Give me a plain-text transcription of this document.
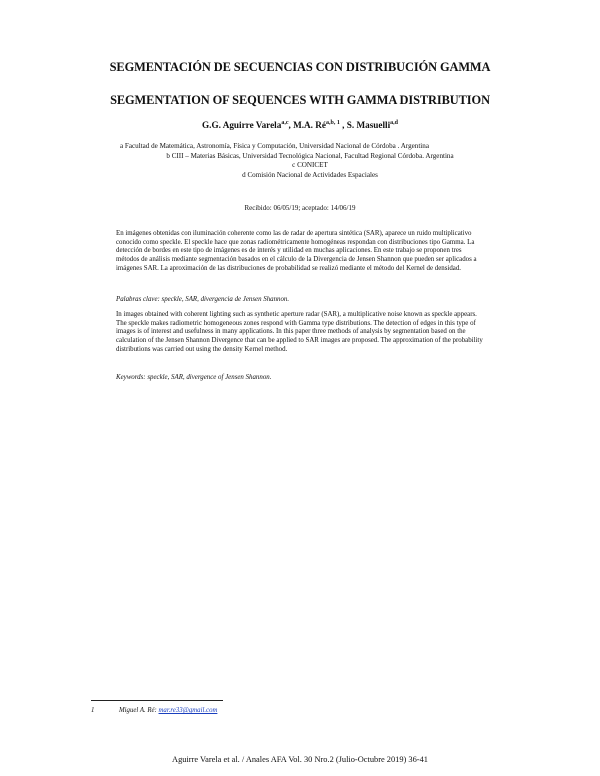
SEGMENTACIÓN DE SECUENCIAS CON DISTRIBUCIÓN GAMMA
SEGMENTATION OF SEQUENCES WITH GAMMA DISTRIBUTION
G.G. Aguirre Varela$^{a,c}$, M.A. Ré$^{a,b, 1}$ , S. Masuelli$^{a,d}$
a Facultad de Matemática, Astronomía, Física y Computación, Universidad Nacional de Córdoba . Argentina
b CIII – Materias Básicas, Universidad Tecnológica Nacional, Facultad Regional Córdoba. Argentina
c CONICET
d Comisión Nacional de Actividades Espaciales
Recibido: 06/05/19; aceptado: 14/06/19

En imágenes obtenidas con iluminación coherente como las de radar de apertura sintética (SAR), aparece un ruido multiplicativo conocido como speckle. El speckle hace que zonas radiométricamente homogéneas respondan con distribuciones tipo Gamma. La detección de bordes en este tipo de imágenes es de interés y utilidad en muchas aplicaciones. En este trabajo se proponen tres métodos de análisis mediante segmentación basados en el cálculo de la Divergencia de Jensen Shannon que pueden ser aplicados a imágenes SAR. La aproximación de las distribuciones de probabilidad se realizó mediante el método del Kernel de densidad.

Palabras clave: speckle, SAR, divergencia de Jensen Shannon.

In images obtained with coherent lighting such as synthetic aperture radar (SAR), a multiplicative noise known as speckle appears. The speckle makes radiometric homogeneous zones respond with Gamma type distributions. The detection of edges in this type of images is of interest and usefulness in many applications. In this paper three methods of analysis by segmentation based on the calculation of the Jensen Shannon Divergence that can be applied to SAR images are proposed. The approximation of the probability distributions was carried out using the density Kernel method.

Keywords: speckle, SAR, divergence of Jensen Shannon.

1	Miguel A. Ré: mar.re33@gmail.com
Aguirre Varela et al. / Anales AFA Vol. 30 Nro.2 (Julio-Octubre 2019) 36-41
